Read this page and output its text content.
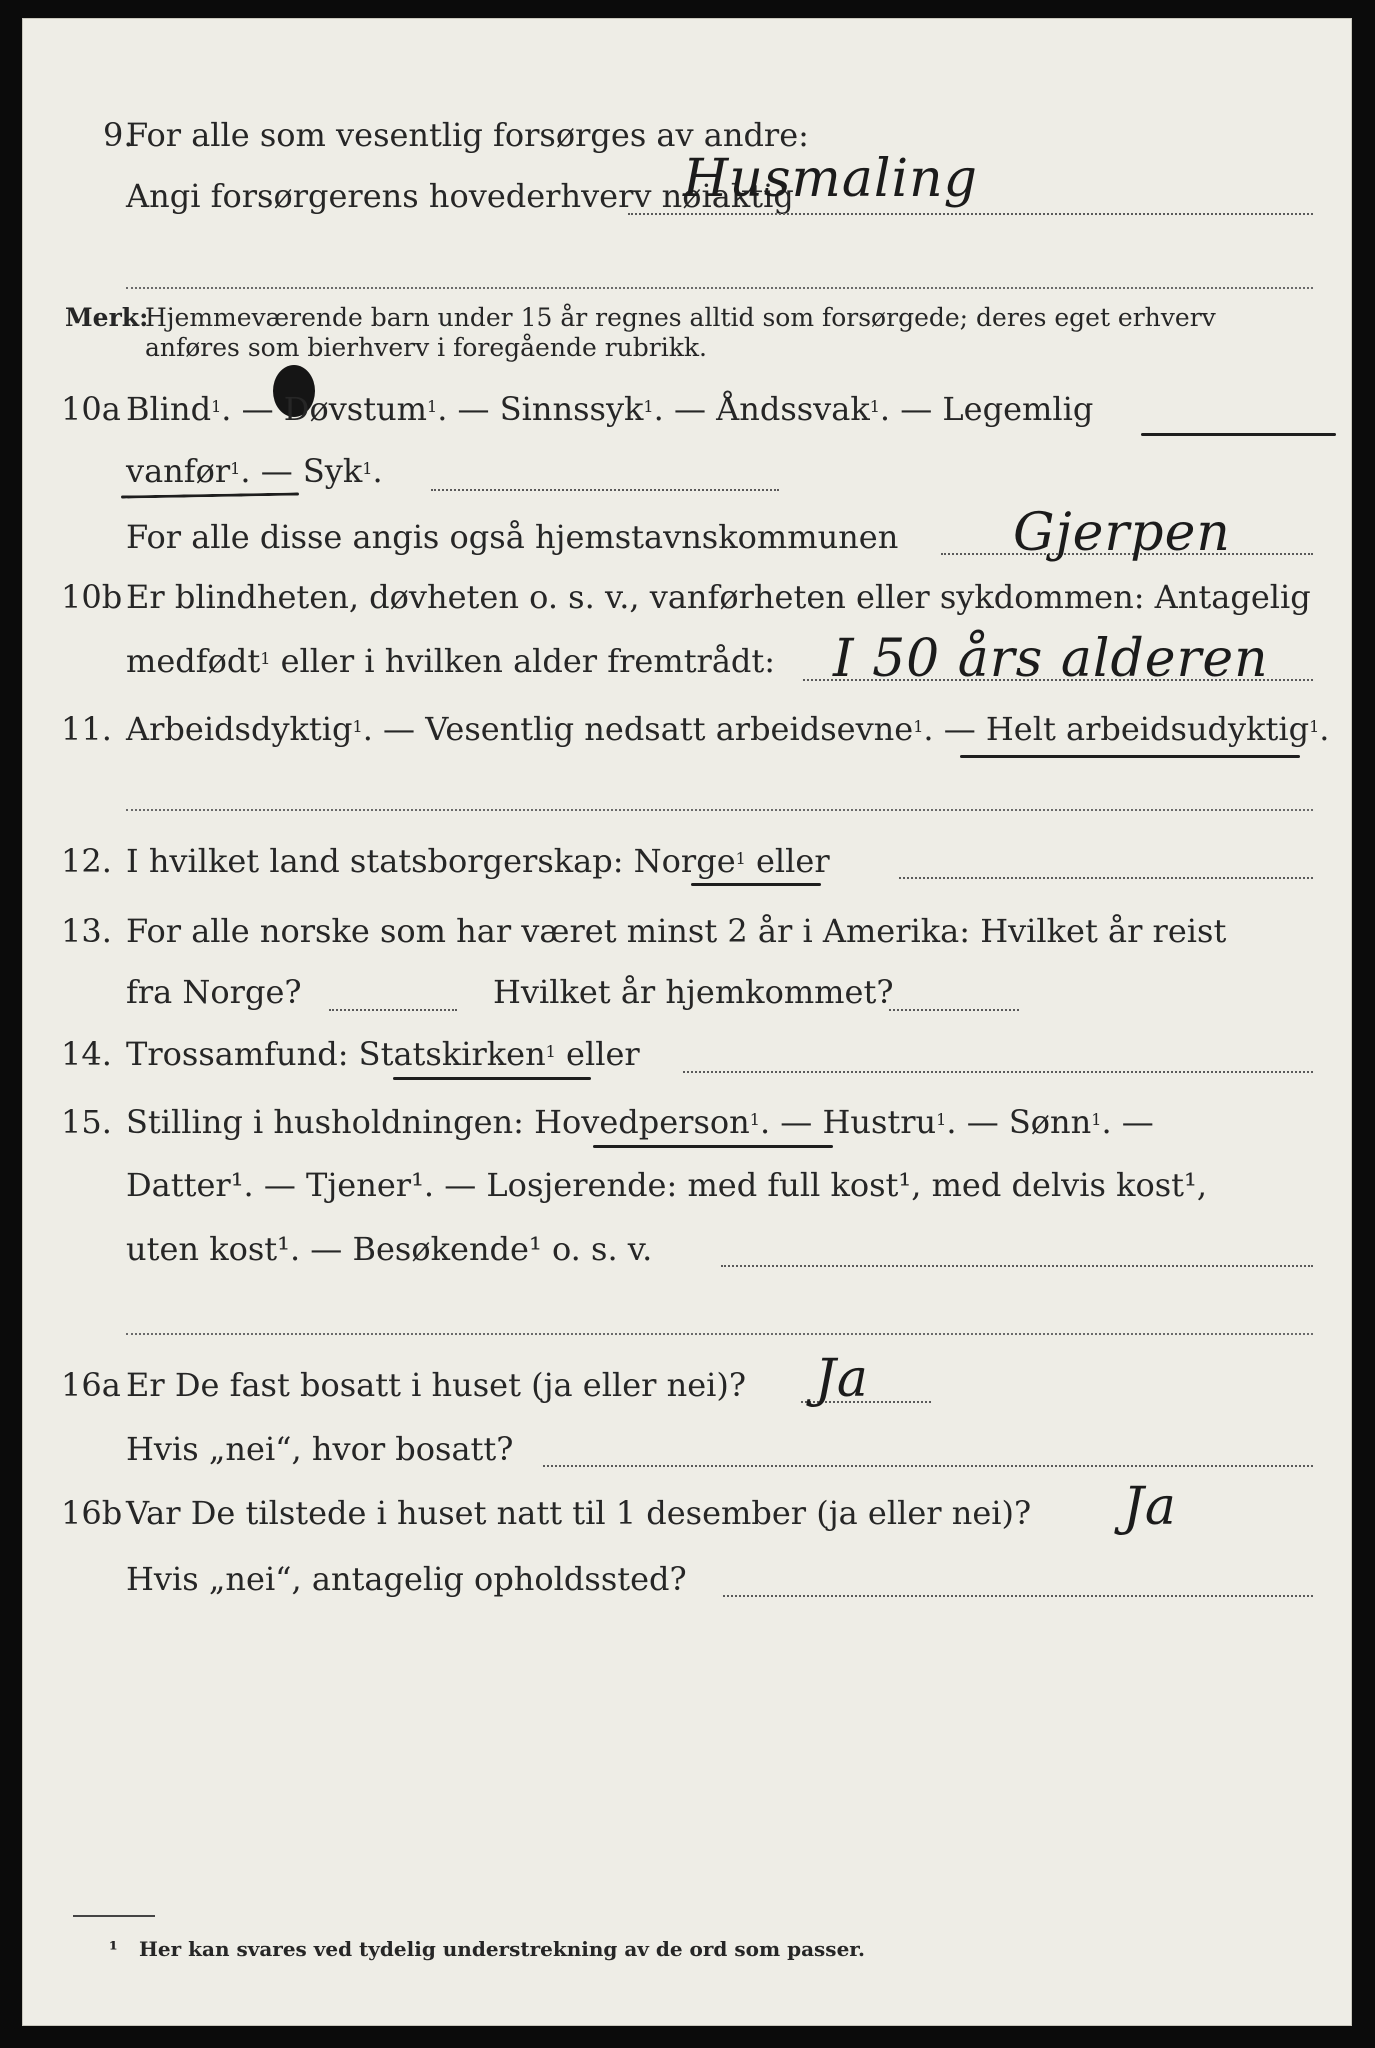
9.
For alle som vesentlig forsørges av andre:
Angi forsørgerens hovederhverv nøiaktig
Husmaling
Merk:
Hjemmeværende barn under 15 år regnes alltid som forsørgede; deres eget erhverv
anføres som bierhverv i foregående rubrikk.
10a Blind$^1$. — Døvstum$^1$. — Sinnssyk$^1$. — Åndssvak$^1$. — Legemlig
vanfør$^1$. — Syk$^1$.
For alle disse angis også hjemstavnskommunen Gjerpen
10b Er blindheten, døvheten o. s. v., vanførheten eller sykdommen: Antagelig
medfødt$^1$ eller i hvilken alder fremtrådt: I 50 års alderen
11. Arbeidsdyktig$^1$. — Vesentlig nedsatt arbeidsevne$^1$. — Helt arbeidsudyktig$^1$.
12. I hvilket land statsborgerskap: Norge$^1$ eller
13. For alle norske som har været minst 2 år i Amerika: Hvilket år reist
fra Norge?	Hvilket år hjemkommet?
14. Trossamfund: Statskirken$^1$ eller
15. Stilling i husholdningen: Hovedperson$^1$. — Hustru$^1$. — Sønn$^1$. —
Datter¹. — Tjener¹. — Losjerende: med full kost¹, med delvis kost¹,
uten kost¹. — Besøkende¹ o. s. v.
16a Er De fast bosatt i huset (ja eller nei)? Ja
Hvis „nei“, hvor bosatt?
16b Var De tilstede i huset natt til 1 desember (ja eller nei)? Ja
Hvis „nei“, antagelig opholdssted?
¹ Her kan svares ved tydelig understrekning av de ord som passer.
